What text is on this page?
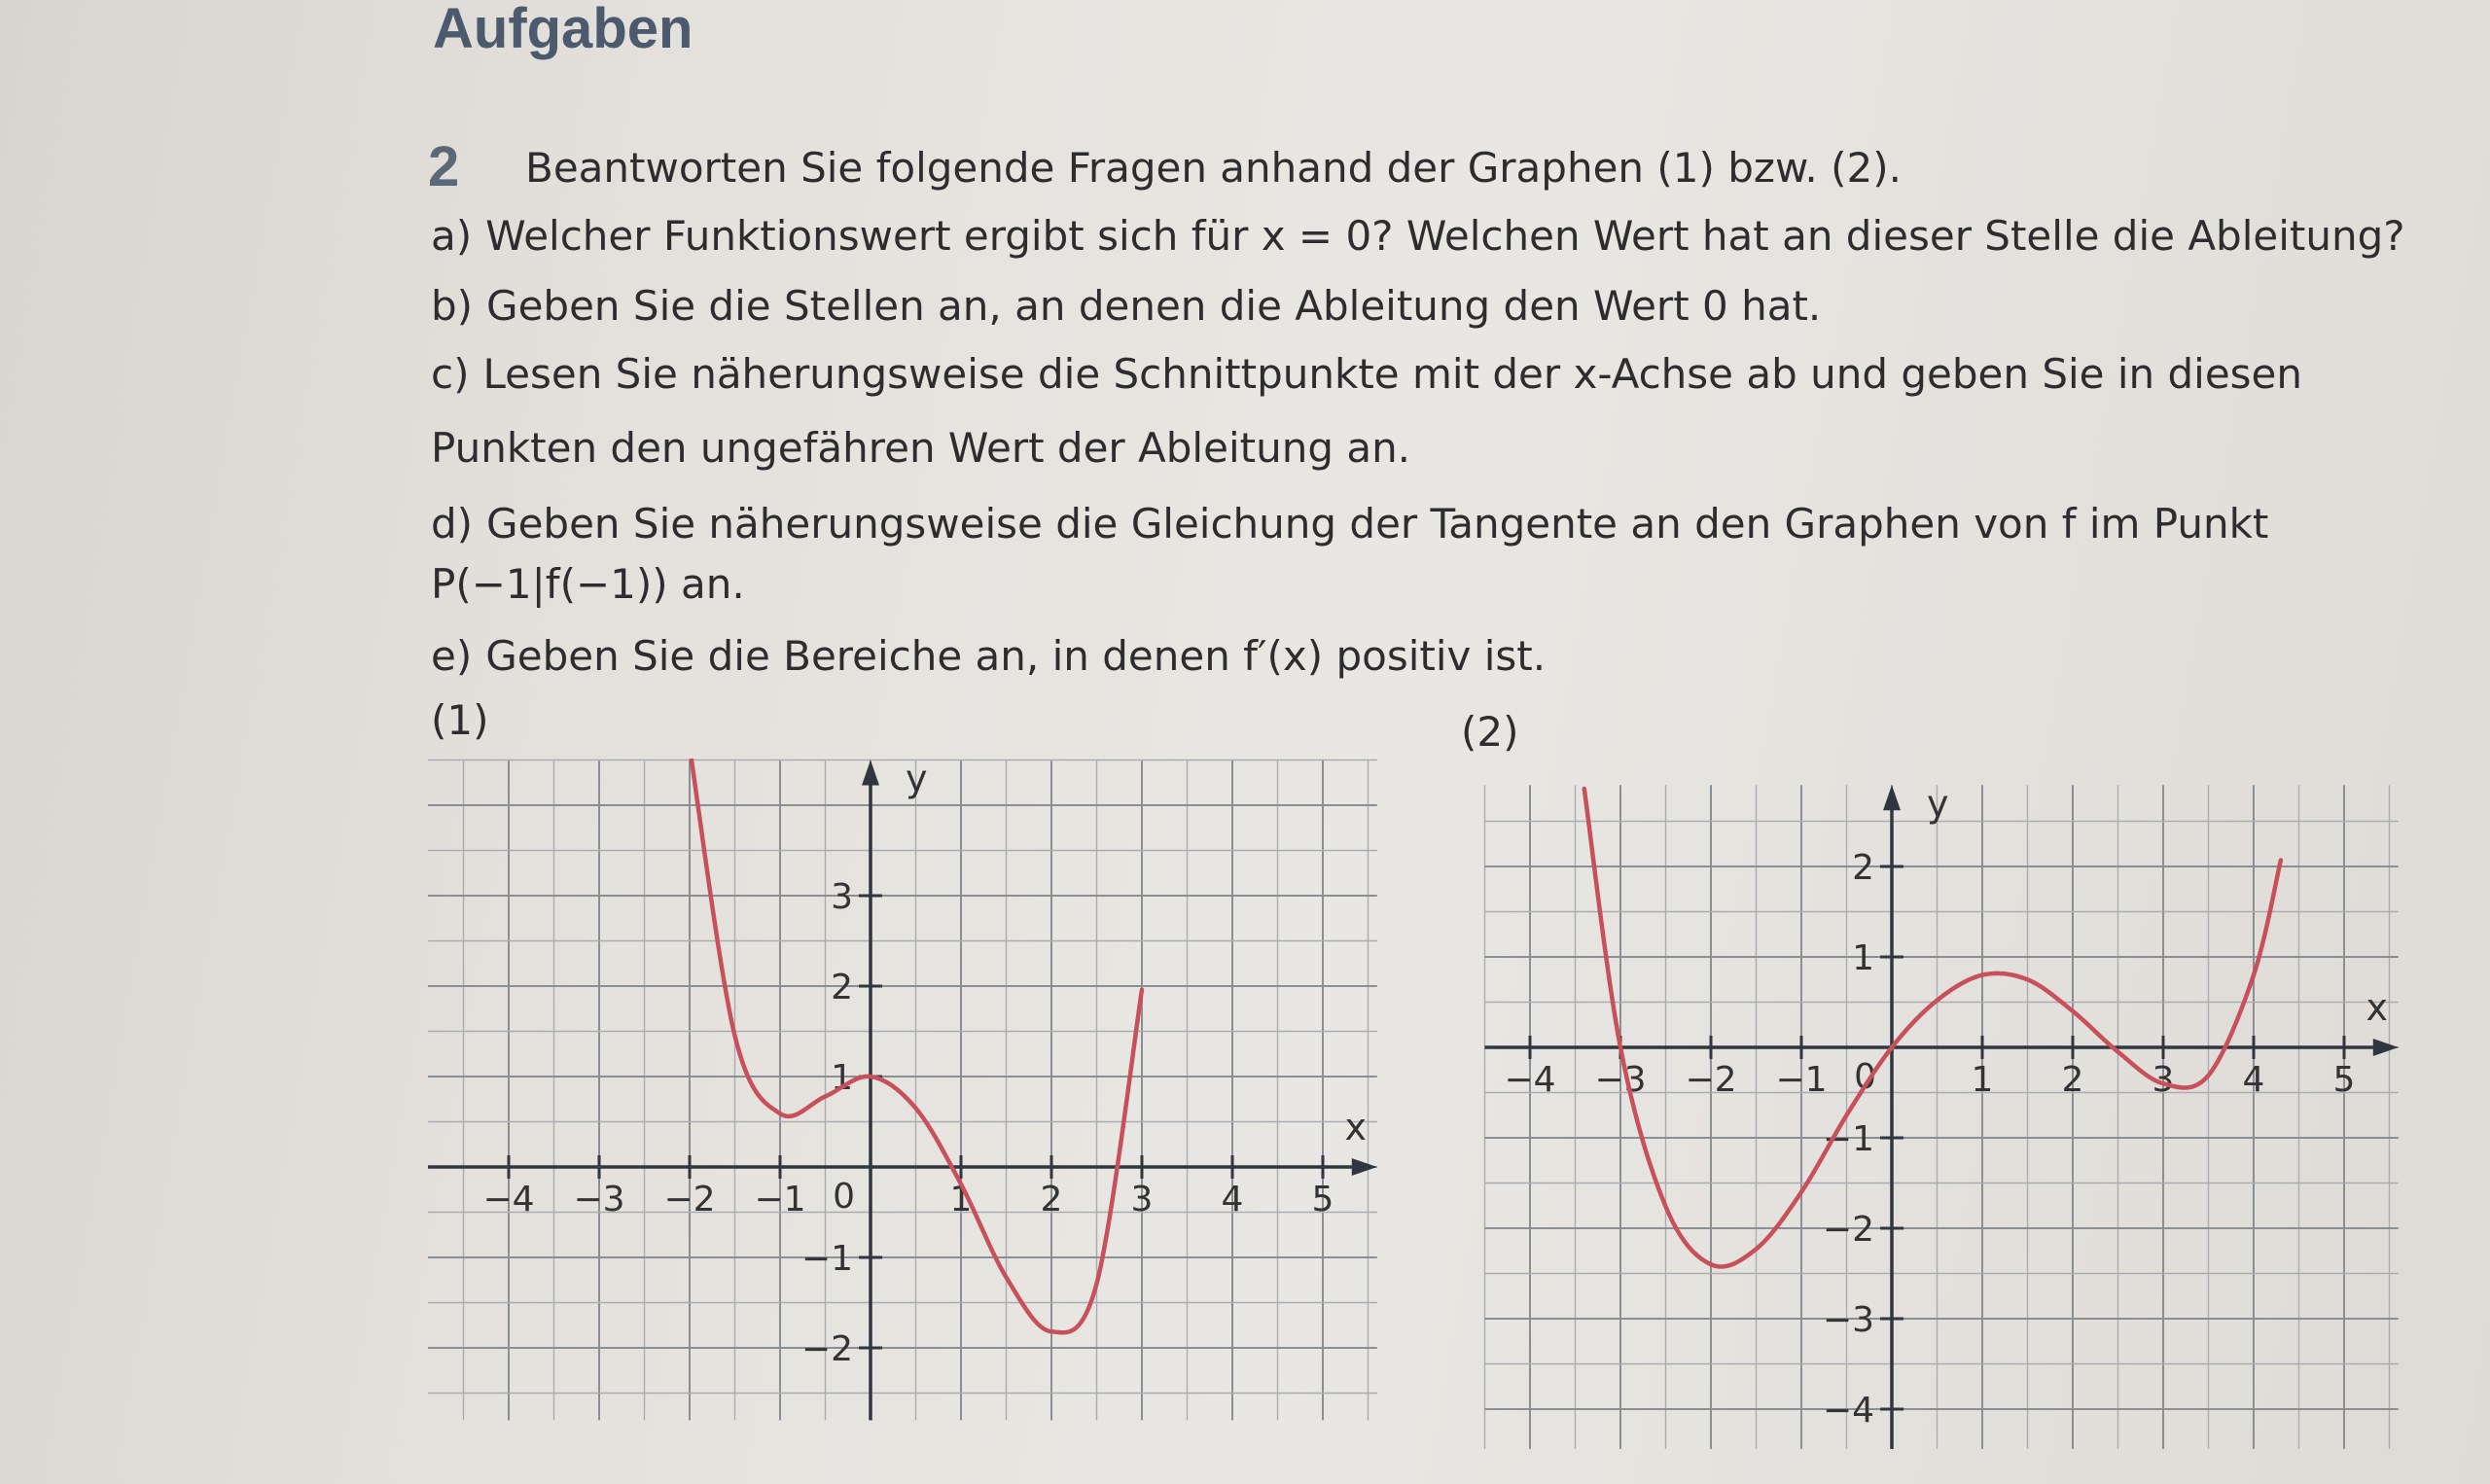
Aufgaben
2 Beantworten Sie folgende Fragen anhand der Graphen (1) bzw. (2).
a) Welcher Funktionswert ergibt sich für x = 0? Welchen Wert hat an dieser Stelle die Ableitung?
b) Geben Sie die Stellen an, an denen die Ableitung den Wert 0 hat.
c) Lesen Sie näherungsweise die Schnittpunkte mit der x-Achse ab und geben Sie in diesen
Punkten den ungefähren Wert der Ableitung an.
d) Geben Sie näherungsweise die Gleichung der Tangente an den Graphen von f im Punkt
P(−1|f(−1)) an.
e) Geben Sie die Bereiche an, in denen f′(x) positiv ist.
(1)	(2)
−4 −3 −2 −1	1 2 3 4 5
−2
−1
1
2
3
0
x
y
−4 −3 −2 −1	1 2 3 4 5
−4
−3
−2
−1
1
2
0
x
y
